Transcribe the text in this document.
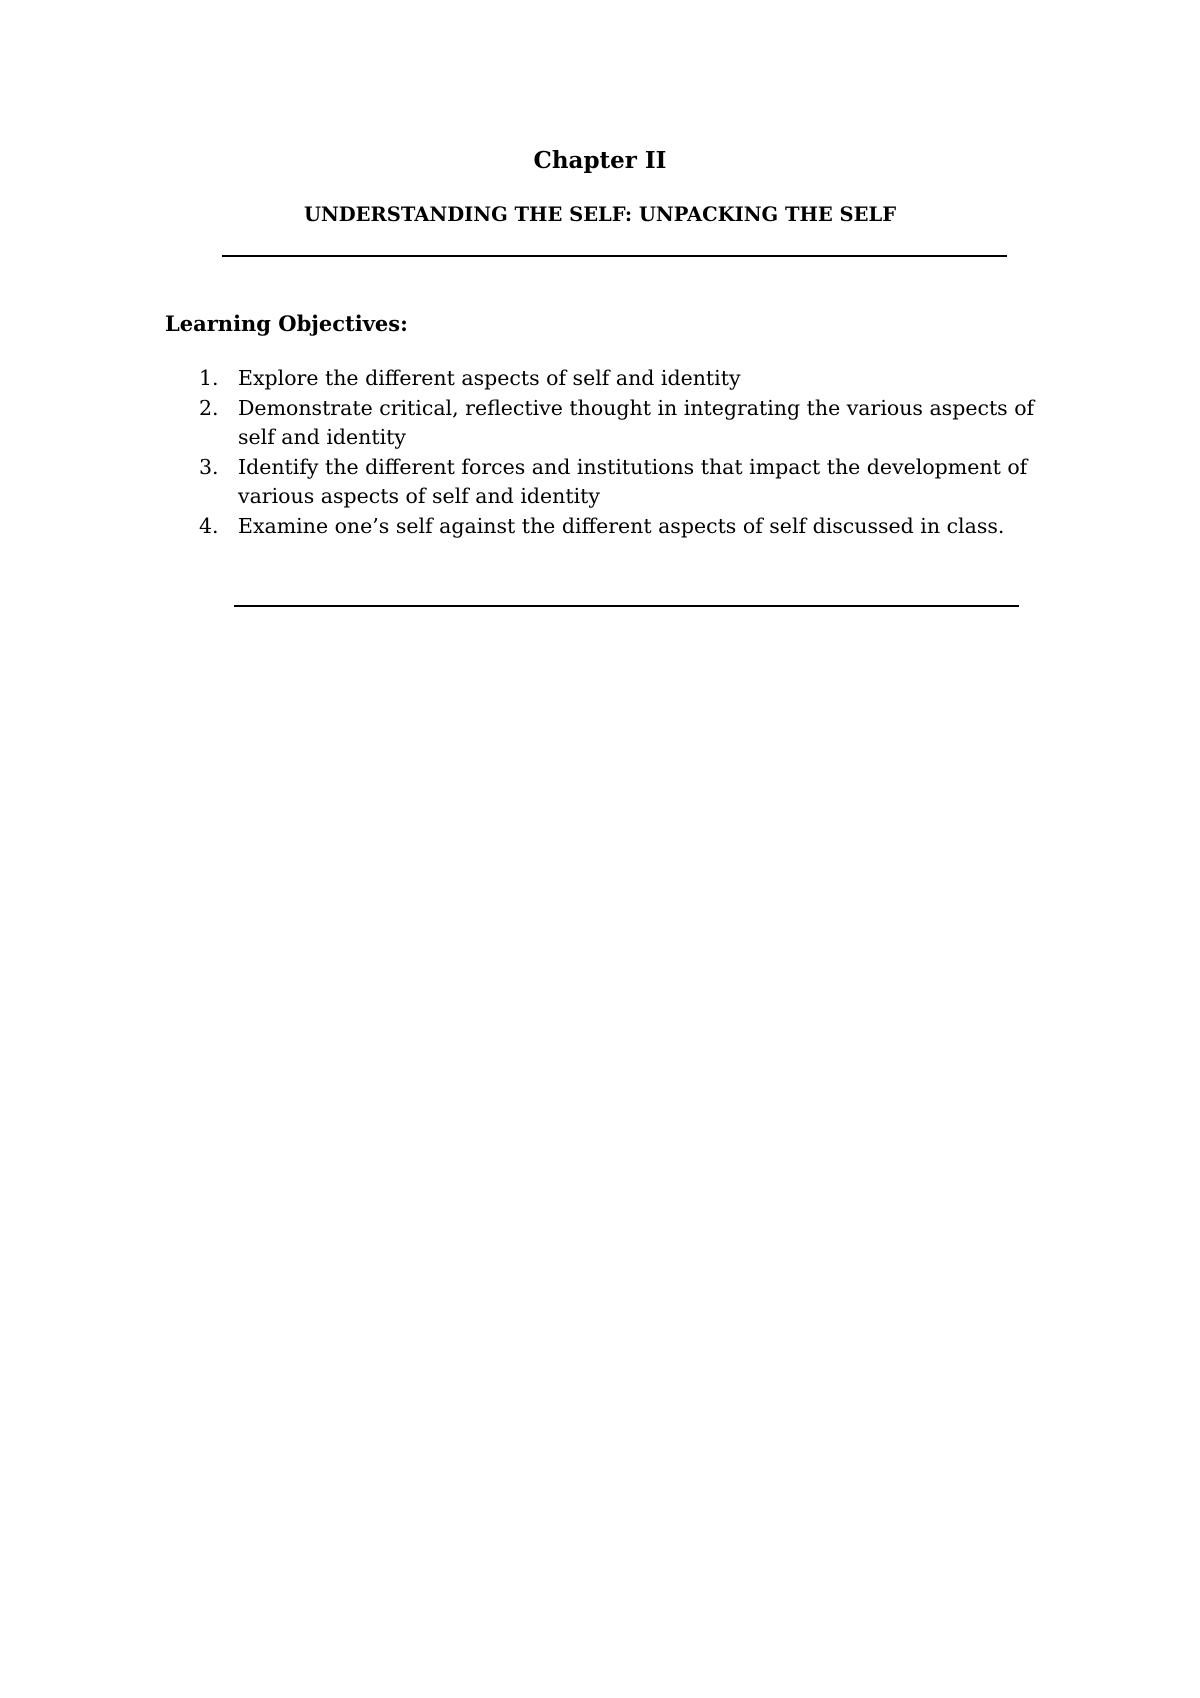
Chapter II
UNDERSTANDING THE SELF: UNPACKING THE SELF
Learning Objectives:
1. Explore the different aspects of self and identity
2. Demonstrate critical, reflective thought in integrating the various aspects of self and identity
3. Identify the different forces and institutions that impact the development of various aspects of self and identity
4. Examine one’s self against the different aspects of self discussed in class.
